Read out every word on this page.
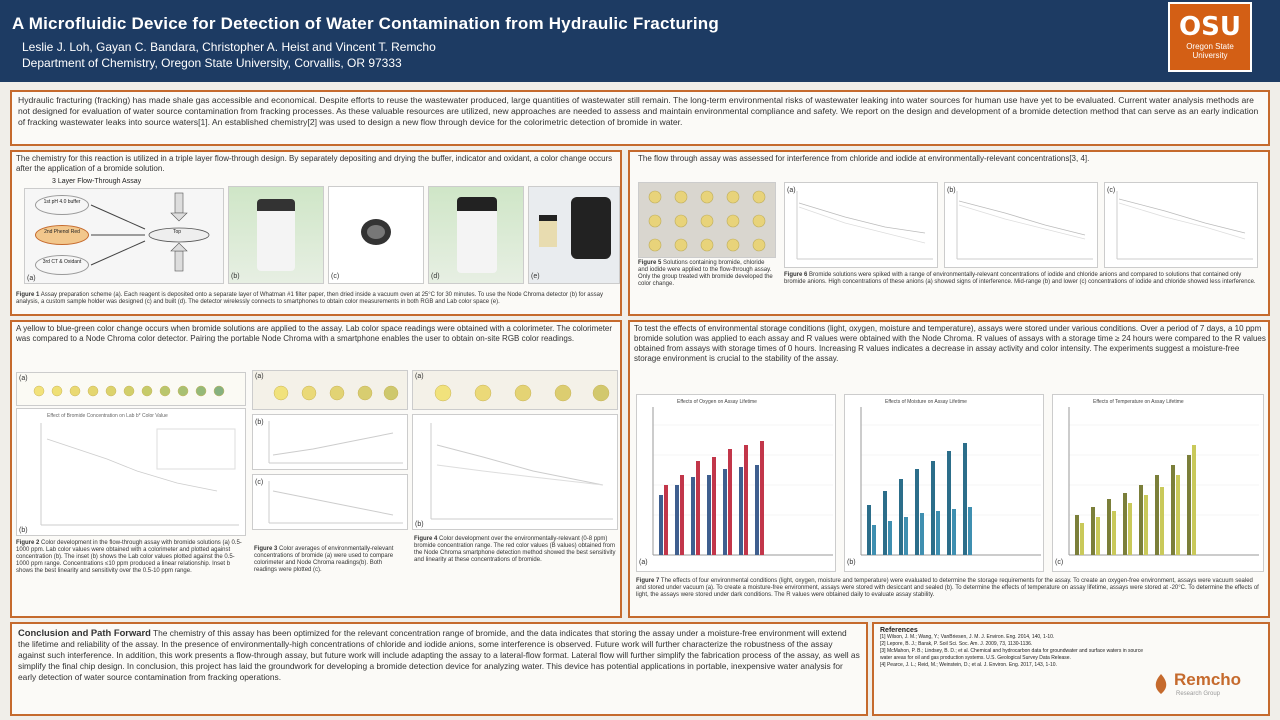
A Microfluidic Device for Detection of Water Contamination from Hydraulic Fracturing
Leslie J. Loh, Gayan C. Bandara, Christopher A. Heist and Vincent T. Remcho
Department of Chemistry, Oregon State University, Corvallis, OR 97333
OSU
Oregon State University
Hydraulic fracturing (fracking) has made shale gas accessible and economical. Despite efforts to reuse the wastewater produced, large quantities of wastewater still remain. The long-term environmental risks of wastewater leaking into water sources for human use have yet to be evaluated. Current water analysis methods are not designed for evaluation of water source contamination from fracking processes. As these valuable resources are utilized, new approaches are needed to assess and maintain environmental compliance and safety. We report on the design and development of a bromide detection method that can serve as an early indication of fracking wastewater leaks into source waters[1]. An established chemistry[2] was used to design a new flow through device for the colorimetric detection of bromide in water.
The chemistry for this reaction is utilized in a triple layer flow-through design. By separately depositing and drying the buffer, indicator and oxidant, a color change occurs after the application of a bromide solution.
3 Layer Flow-Through Assay
1st pH 4.0 buffer
2nd Phenol Red
3rd CT & Oxidant
Top
(a)	(b)	(c)	(d)	(e)
Figure 1 Assay preparation scheme (a). Each reagent is deposited onto a separate layer of Whatman #1 filter paper, then dried inside a vacuum oven at 25°C for 30 minutes. To use the Node Chroma detector (b) for assay analysis, a custom sample holder was designed (c) and built (d). The detector wirelessly connects to smartphones to obtain color measurements in both RGB and Lab color space (e).
The flow through assay was assessed for interference from chloride and iodide at environmentally-relevant concentrations[3, 4].
Figure 5 Solutions containing bromide, chloride and iodide were applied to the flow-through assay. Only the group treated with bromide developed the color change.
(a)	(b)	(c)
Figure 6 Bromide solutions were spiked with a range of environmentally-relevant concentrations of iodide and chloride anions and compared to solutions that contained only bromide anions. High concentrations of these anions (a) showed signs of interference. Mid-range (b) and lower (c) concentrations of iodide and chloride showed less interference.
A yellow to blue-green color change occurs when bromide solutions are applied to the assay. Lab color space readings were obtained with a colorimeter. The colorimeter was compared to a Node Chroma color detector. Pairing the portable Node Chroma with a smartphone enables the user to obtain on-site RGB color readings.
(a)
Effect of Bromide Concentration on Lab b* Color Value
(b)
Figure 2 Color development in the flow-through assay with bromide solutions (a) 0.5-1000 ppm. Lab color values were obtained with a colorimeter and plotted against concentration (b). The inset (b) shows the Lab color values plotted against the 0.5-1000 ppm range. Concentrations ≤10 ppm produced a linear relationship. Inset b shows the best linearity and sensitivity over the 0.5-10 ppm range.
(a)
(b)
(c)
Figure 3 Color averages of environmentally-relevant concentrations of bromide (a) were used to compare colorimeter and Node Chroma readings(b). Both readings were plotted (c).
(a)
(b)
Figure 4 Color development over the environmentally-relevant (0-8 ppm) bromide concentration range. The red color values (B values) obtained from the Node Chroma smartphone detection method showed the best sensitivity and linearity at these concentrations of bromide.
To test the effects of environmental storage conditions (light, oxygen, moisture and temperature), assays were stored under various conditions. Over a period of 7 days, a 10 ppm bromide solution was applied to each assay and R values were obtained with the Node Chroma. R values of assays with a storage time ≥ 24 hours were compared to the R values obtained from assays with storage times of 0 hours. Increasing R values indicates a decrease in assay activity and color intensity. The experiments suggest a moisture-free storage environment is crucial to the stability of the assay.
Effects of Oxygen on Assay Lifetime
(a)
Effects of Moisture on Assay Lifetime
(b)
Effects of Temperature on Assay Lifetime
(c)
Figure 7 The effects of four environmental conditions (light, oxygen, moisture and temperature) were evaluated to determine the storage requirements for the assay. To create an oxygen-free environment, assays were vacuum sealed and stored under vacuum (a). To create a moisture-free environment, assays were stored with desiccant and sealed (b). To determine the effects of temperature on assay lifetime, assays were stored at -20°C. To determine the effects of light, the assays were stored under dark conditions. The R values were obtained daily to evaluate assay stability.
Conclusion and Path Forward The chemistry of this assay has been optimized for the relevant concentration range of bromide, and the data indicates that storing the assay under a moisture-free environment will extend the lifetime and reliability of the assay. In the presence of environmentally-high concentrations of chloride and iodide anions, some interference is observed. Future work will further characterize the robustness of the assay against such interference. In addition, this work presents a flow-through assay, but future work will include adapting the assay to a lateral-flow format. Lateral flow will further simplify the fabrication process of the assay, as well as simplify the final chip design. In conclusion, this project has laid the groundwork for developing a bromide detection device for analyzing water. This device has potential applications in portable, inexpensive water analysis for early detection of water source contamination from fracking operations.
References
[1] Wilson, J. M.; Wang, Y.; VanBriesen, J. M. J. Environ. Eng. 2014, 140, 1-10.
[2] Lepore, B. J.; Barak, P. Soil Sci. Soc. Am. J. 2009, 73, 1130-1136.
[3] McMahon, P. B.; Lindsey, B. D.; et al. Chemical and hydrocarbon data for groundwater and surface waters in source water areas for oil and gas production systems. U.S. Geological Survey Data Release.
[4] Pearce, J. L.; Reid, M.; Weinstein, D.; et al. J. Environ. Eng. 2017, 143, 1-10.
Remcho
Research Group
